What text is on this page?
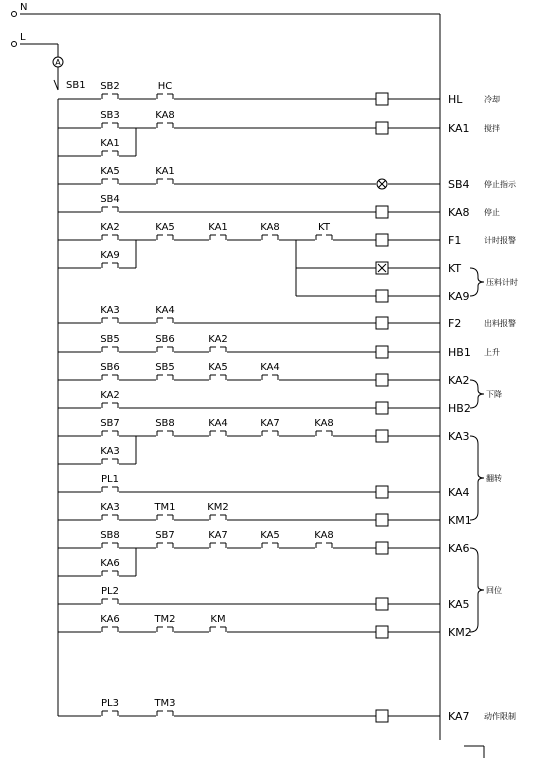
N
L
A
SB1 SB2	HC
HL	冷却
SB3	KA8
KA1 搅拌
KA5	KA1
SB4 停止指示
SB4
KA8 停止
KA2	KA5	KA1	KA8	KT
F1	计时报警
KT
KA9
KA3	KA4
F2	出料报警
SB5	SB6	KA2
HB1 上升
SB6	SB5	KA5	KA4
KA2
KA2
HB2
SB7	SB8	KA4	KA7	KA8
KA3
PL1
KA4
KA3	TM1	KM2
KM1
SB8	SB7	KA7	KA5	KA8
KA6
PL2
KA5
KA6	TM2	KM
KM2
PL3	TM3
KA7 动作限制
KA1
KA9
KA3
KA6
压料计时
下降
翻转
回位
